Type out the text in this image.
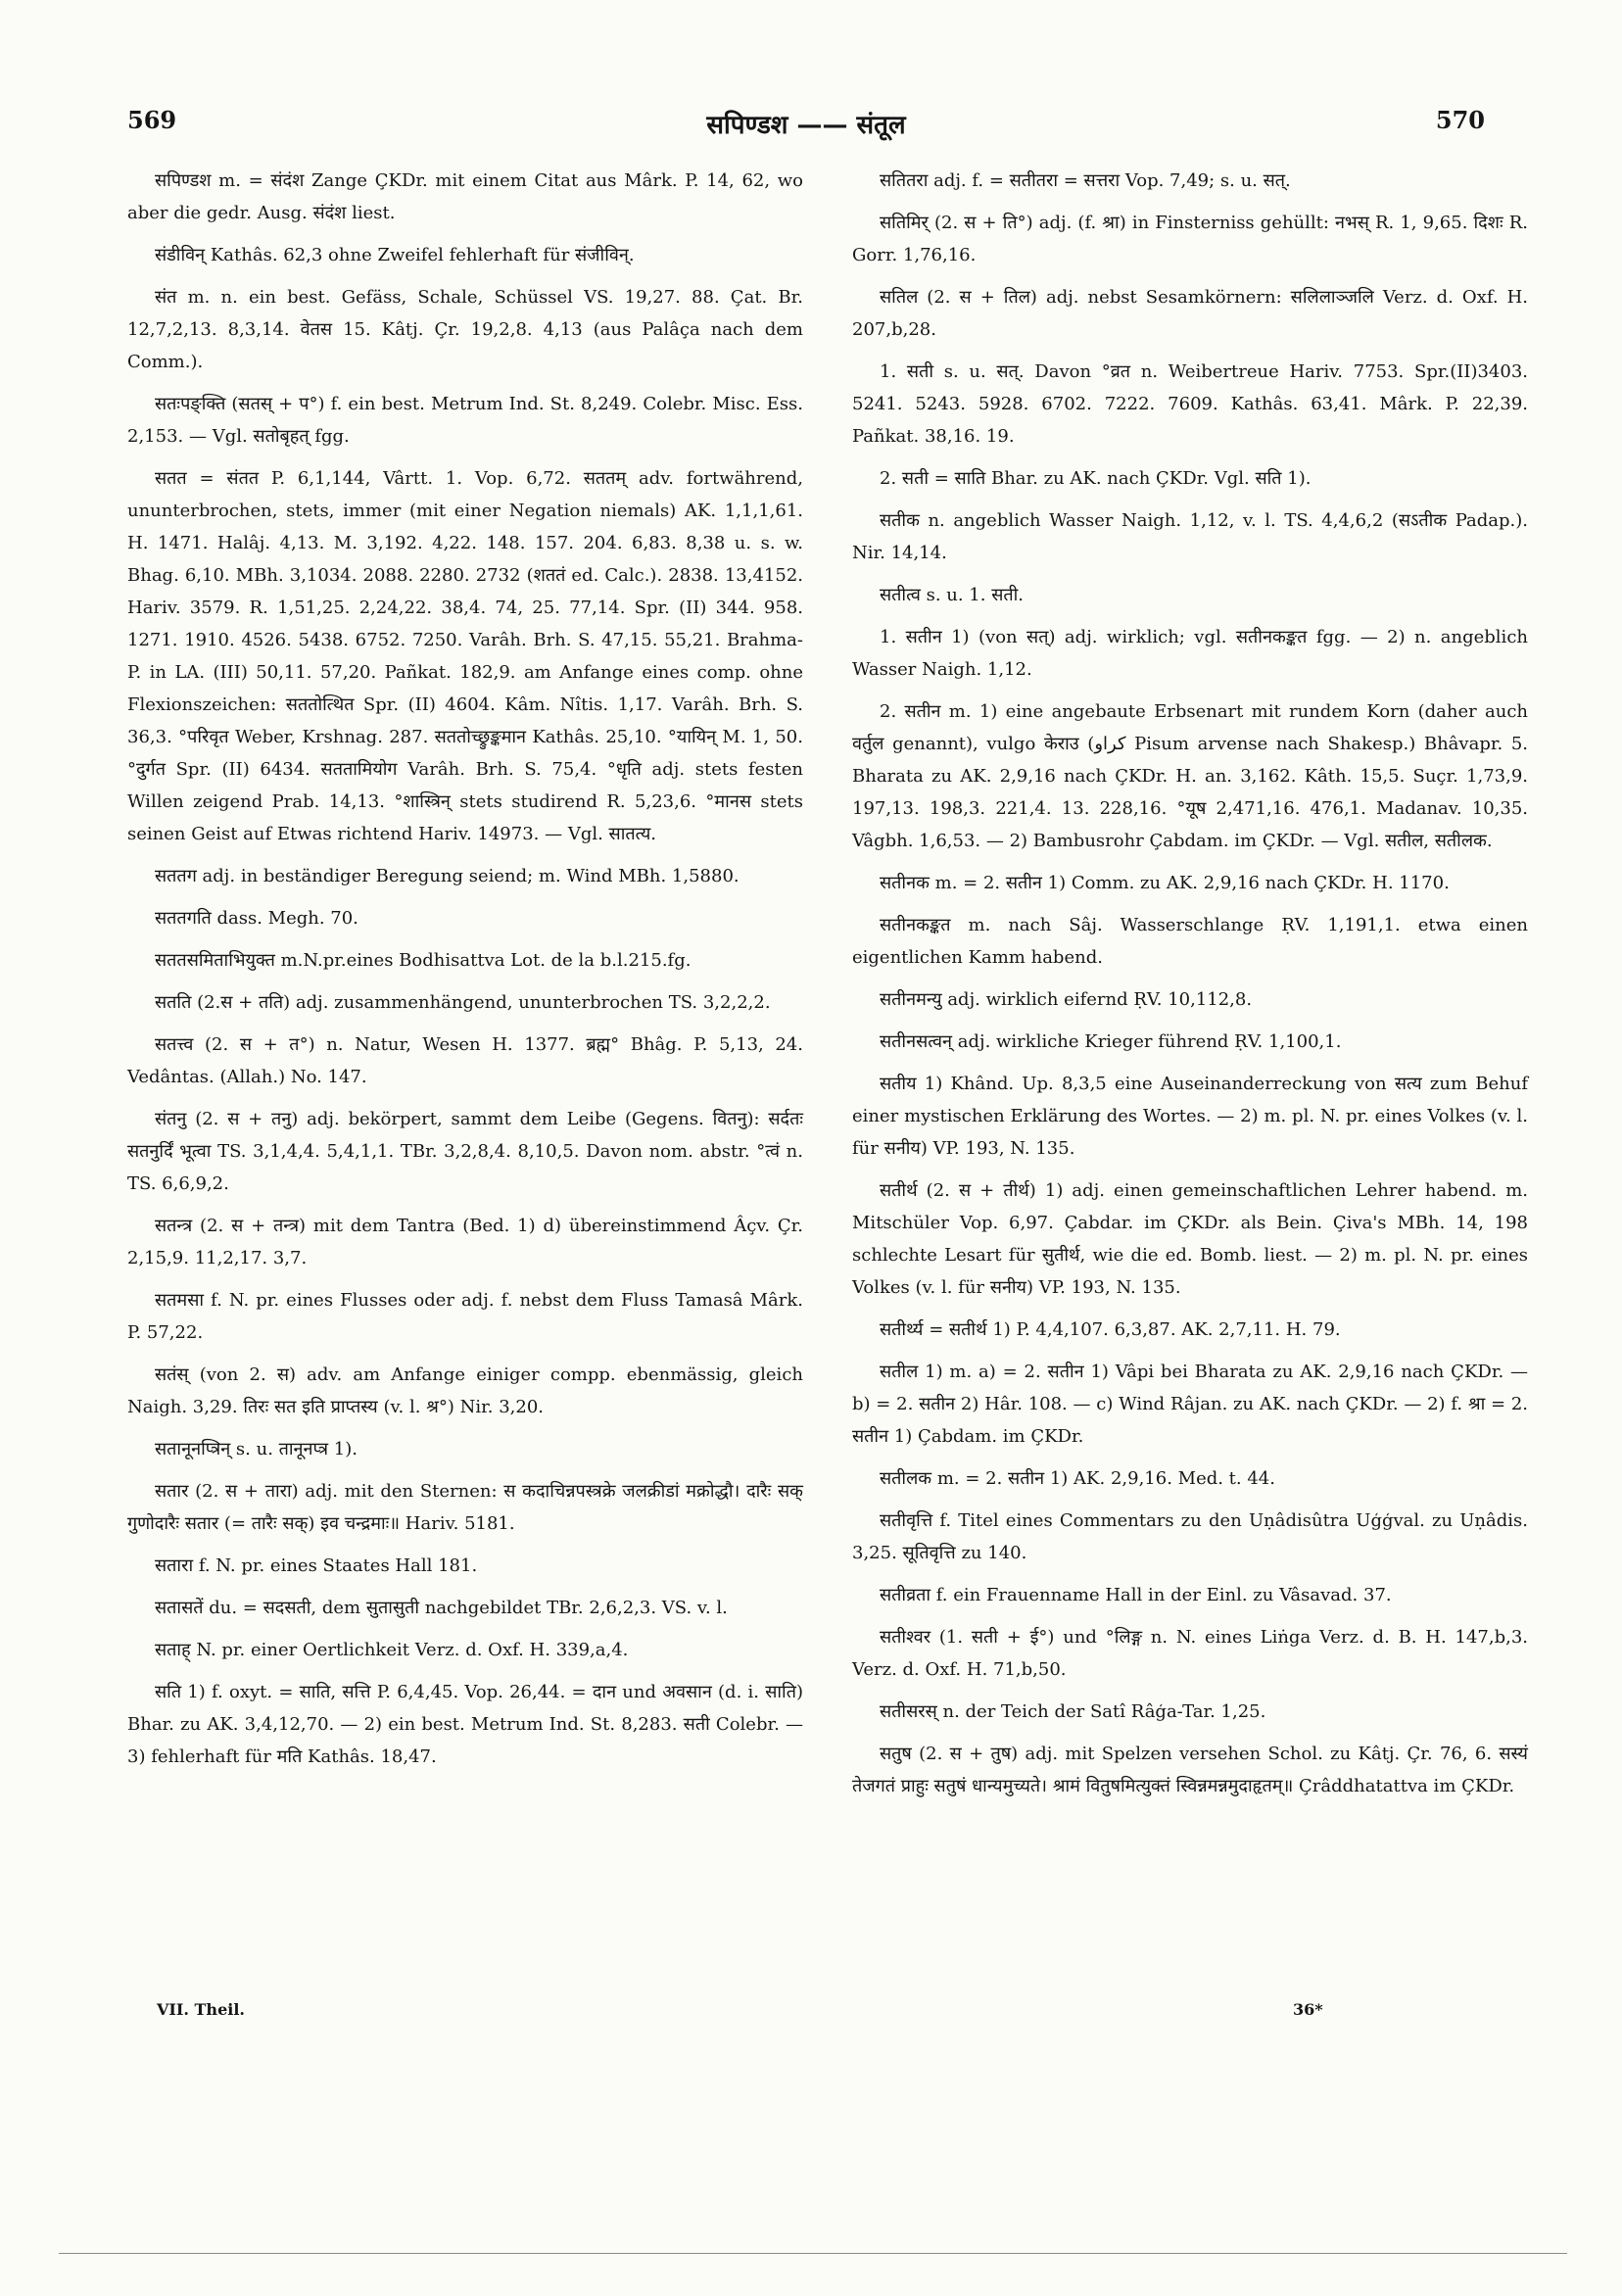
569	सपिण्डश —— संतूल	570

सपिण्डश m. = संदंश Zange ÇKDr. mit einem Citat aus Mârk. P. 14, 62, wo aber die gedr. Ausg. संदंश liest.

संडीविन् Kathâs. 62,3 ohne Zweifel fehlerhaft für संजीविन्.

संत m. n. ein best. Gefäss, Schale, Schüssel VS. 19,27. 88. Çat. Br. 12,7,2,13. 8,3,14. वेतस 15. Kâtj. Çr. 19,2,8. 4,13 (aus Palâça nach dem Comm.).

सतःपङ्क्ति (सतस् + प°) f. ein best. Metrum Ind. St. 8,249. Colebr. Misc. Ess. 2,153. — Vgl. सतोबृहत् fgg.

सतत = संतत P. 6,1,144, Vârtt. 1. Vop. 6,72. सततम् adv. fortwährend, ununterbrochen, stets, immer (mit einer Negation niemals) AK. 1,1,1,61. H. 1471. Halâj. 4,13. M. 3,192. 4,22. 148. 157. 204. 6,83. 8,38 u. s. w. Bhag. 6,10. MBh. 3,1034. 2088. 2280. 2732 (शततं ed. Calc.). 2838. 13,4152. Hariv. 3579. R. 1,51,25. 2,24,22. 38,4. 74, 25. 77,14. Spr. (II) 344. 958. 1271. 1910. 4526. 5438. 6752. 7250. Varâh. Brh. S. 47,15. 55,21. Brahma-P. in LA. (III) 50,11. 57,20. Pañkat. 182,9. am Anfange eines comp. ohne Flexionszeichen: सततोत्थित Spr. (II) 4604. Kâm. Nîtis. 1,17. Varâh. Brh. S. 36,3. °परिवृत Weber, Krshnag. 287. सततोच्छ्रुङ्कमान Kathâs. 25,10. °यायिन् M. 1, 50. °दुर्गत Spr. (II) 6434. सततामियोग Varâh. Brh. S. 75,4. °धृति adj. stets festen Willen zeigend Prab. 14,13. °शास्त्रिन् stets studirend R. 5,23,6. °मानस stets seinen Geist auf Etwas richtend Hariv. 14973. — Vgl. सातत्य.

सततग adj. in beständiger Beregung seiend; m. Wind MBh. 1,5880.

सततगति dass. Megh. 70.

सततसमिताभियुक्त m.N.pr.eines Bodhisattva Lot. de la b.l.215.fg.

सतति (2.स + तति) adj. zusammenhängend, ununterbrochen TS. 3,2,2,2.

सतत्त्व (2. स + त°) n. Natur, Wesen H. 1377. ब्रह्म° Bhâg. P. 5,13, 24. Vedântas. (Allah.) No. 147.

संतनु (2. स + तनु) adj. bekörpert, sammt dem Leibe (Gegens. वितनु): सर्दतः सतनुर्दिं भूत्वा TS. 3,1,4,4. 5,4,1,1. TBr. 3,2,8,4. 8,10,5. Davon nom. abstr. °त्वं n. TS. 6,6,9,2.

सतन्त्र (2. स + तन्त्र) mit dem Tantra (Bed. 1) d) übereinstimmend Âçv. Çr. 2,15,9. 11,2,17. 3,7.

सतमसा f. N. pr. eines Flusses oder adj. f. nebst dem Fluss Tamasâ Mârk. P. 57,22.

सतंस् (von 2. स) adv. am Anfange einiger compp. ebenmässig, gleich Naigh. 3,29. तिरः सत इति प्राप्तस्य (v. l. श्र°) Nir. 3,20.

सतानूनप्त्रिन् s. u. तानूनप्त्र 1).

सतार (2. स + तारा) adj. mit den Sternen: स कदाचिन्नपस्त्रक्रे जलक्रीडां मक्रोद्धौ। दारैः सक् गुणोदारैः सतार (= तारैः सक्) इव चन्द्रमाः॥ Hariv. 5181.

सतारा f. N. pr. eines Staates Hall 181.

सतासतें du. = सदसती, dem सुतासुती nachgebildet TBr. 2,6,2,3. VS. v. l.

सताह् N. pr. einer Oertlichkeit Verz. d. Oxf. H. 339,a,4.

सति 1) f. oxyt. = साति, सत्ति P. 6,4,45. Vop. 26,44. = दान und अवसान (d. i. साति) Bhar. zu AK. 3,4,12,70. — 2) ein best. Metrum Ind. St. 8,283. सती Colebr. — 3) fehlerhaft für मति Kathâs. 18,47.

सतितरा adj. f. = सतीतरा = सत्तरा Vop. 7,49; s. u. सत्.

सतिमिर् (2. स + ति°) adj. (f. श्रा) in Finsterniss gehüllt: नभस् R. 1, 9,65. दिशः R. Gorr. 1,76,16.

सतिल (2. स + तिल) adj. nebst Sesamkörnern: सलिलाञ्जलि Verz. d. Oxf. H. 207,b,28.

1. सती s. u. सत्. Davon °व्रत n. Weibertreue Hariv. 7753. Spr.(II)3403. 5241. 5243. 5928. 6702. 7222. 7609. Kathâs. 63,41. Mârk. P. 22,39. Pañkat. 38,16. 19.

2. सती = साति Bhar. zu AK. nach ÇKDr. Vgl. सति 1).

सतीक n. angeblich Wasser Naigh. 1,12, v. l. TS. 4,4,6,2 (सऽतीक Padap.). Nir. 14,14.

सतीत्व s. u. 1. सती.

1. सतीन 1) (von सत्) adj. wirklich; vgl. सतीनकङ्कत fgg. — 2) n. angeblich Wasser Naigh. 1,12.

2. सतीन m. 1) eine angebaute Erbsenart mit rundem Korn (daher auch वर्तुल genannt), vulgo केराउ (كراو Pisum arvense nach Shakesp.) Bhâvapr. 5. Bharata zu AK. 2,9,16 nach ÇKDr. H. an. 3,162. Kâth. 15,5. Suçr. 1,73,9. 197,13. 198,3. 221,4. 13. 228,16. °यूष 2,471,16. 476,1. Madanav. 10,35. Vâgbh. 1,6,53. — 2) Bambusrohr Çabdam. im ÇKDr. — Vgl. सतील, सतीलक.

सतीनक m. = 2. सतीन 1) Comm. zu AK. 2,9,16 nach ÇKDr. H. 1170.

सतीनकङ्कत m. nach Sâj. Wasserschlange ṚV. 1,191,1. etwa einen eigentlichen Kamm habend.

सतीनमन्यु adj. wirklich eifernd ṚV. 10,112,8.

सतीनसत्वन् adj. wirkliche Krieger führend ṚV. 1,100,1.

सतीय 1) Khând. Up. 8,3,5 eine Auseinanderreckung von सत्य zum Behuf einer mystischen Erklärung des Wortes. — 2) m. pl. N. pr. eines Volkes (v. l. für सनीय) VP. 193, N. 135.

सतीर्थ (2. स + तीर्थ) 1) adj. einen gemeinschaftlichen Lehrer habend. m. Mitschüler Vop. 6,97. Çabdar. im ÇKDr. als Bein. Çiva's MBh. 14, 198 schlechte Lesart für सुतीर्थ, wie die ed. Bomb. liest. — 2) m. pl. N. pr. eines Volkes (v. l. für सनीय) VP. 193, N. 135.

सतीर्थ्य = सतीर्थ 1) P. 4,4,107. 6,3,87. AK. 2,7,11. H. 79.

सतील 1) m. a) = 2. सतीन 1) Vâpi bei Bharata zu AK. 2,9,16 nach ÇKDr. — b) = 2. सतीन 2) Hâr. 108. — c) Wind Râjan. zu AK. nach ÇKDr. — 2) f. श्रा = 2. सतीन 1) Çabdam. im ÇKDr.

सतीलक m. = 2. सतीन 1) AK. 2,9,16. Med. t. 44.

सतीवृत्ति f. Titel eines Commentars zu den Uṇâdisûtra Uģģval. zu Uṇâdis. 3,25. सूतिवृत्ति zu 140.

सतीव्रता f. ein Frauenname Hall in der Einl. zu Vâsavad. 37.

सतीश्वर (1. सती + ई°) und °लिङ्ग n. N. eines Liṅga Verz. d. B. H. 147,b,3. Verz. d. Oxf. H. 71,b,50.

सतीसरस् n. der Teich der Satî Râģa-Tar. 1,25.

सतुष (2. स + तुष) adj. mit Spelzen versehen Schol. zu Kâtj. Çr. 76, 6. सस्यं तेजगतं प्राहुः सतुषं धान्यमुच्यते। श्रामं वितुषमित्युक्तं स्विन्नमन्नमुदाहृतम्॥ Çrâddhatattva im ÇKDr.

VII. Theil.	36*
